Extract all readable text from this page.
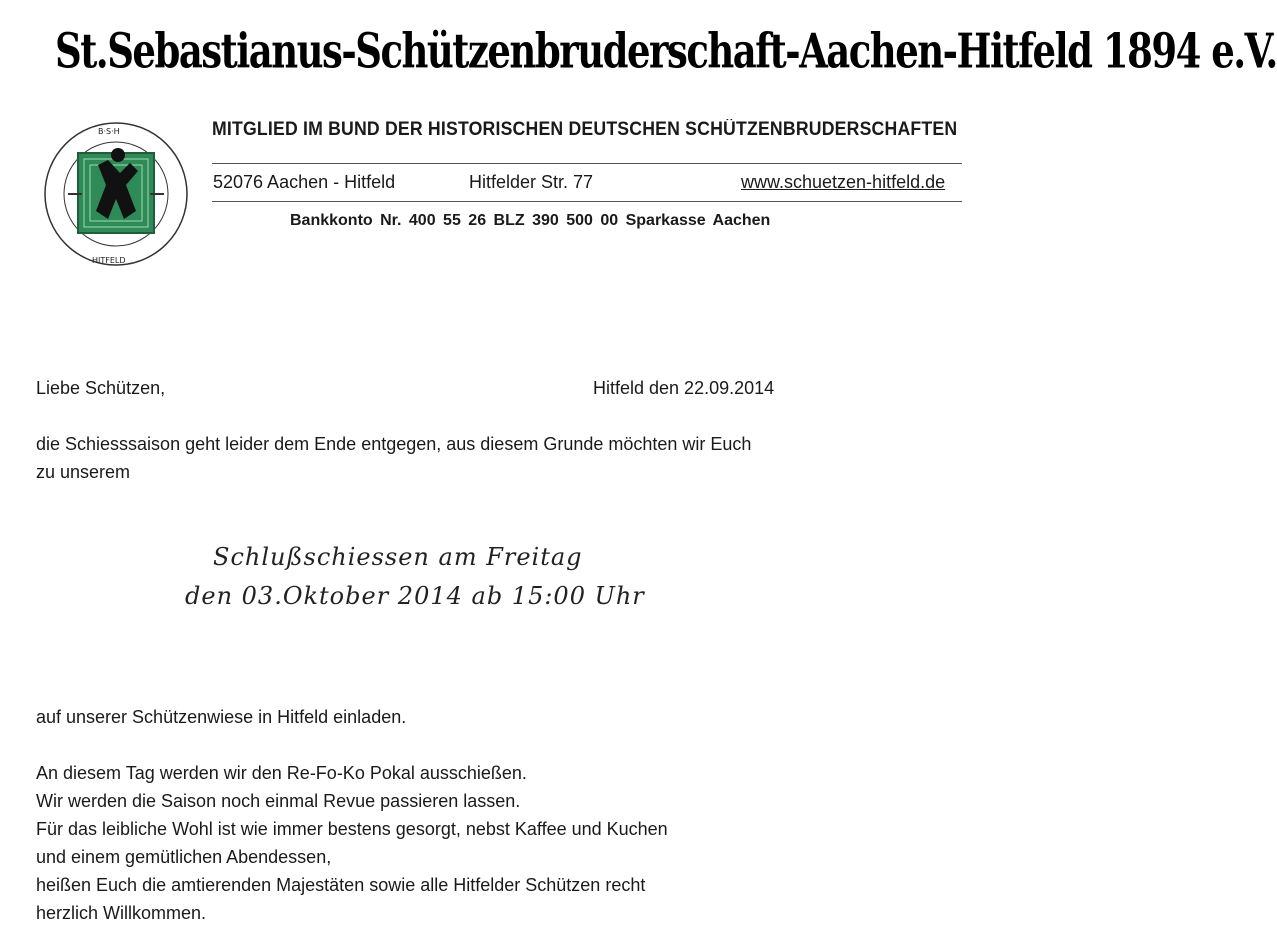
St.Sebastianus-Schützenbruderschaft-Aachen-Hitfeld 1894 e.V.
B·S·H
HITFELD
MITGLIED IM BUND DER HISTORISCHEN DEUTSCHEN SCHÜTZENBRUDERSCHAFTEN
52076 Aachen - Hitfeld	Hitfelder Str. 77	www.schuetzen-hitfeld.de
Bankkonto Nr. 400 55 26 BLZ 390 500 00 Sparkasse Aachen
Liebe Schützen,	Hitfeld den 22.09.2014
die Schiesssaison geht leider dem Ende entgegen, aus diesem Grunde möchten wir Euch
zu unserem
Schlußschiessen am Freitag
den 03.Oktober 2014 ab 15:00 Uhr
auf unserer Schützenwiese in Hitfeld einladen.
An diesem Tag werden wir den Re-Fo-Ko Pokal ausschießen.
Wir werden die Saison noch einmal Revue passieren lassen.
Für das leibliche Wohl ist wie immer bestens gesorgt, nebst Kaffee und Kuchen
und einem gemütlichen Abendessen,
heißen Euch die amtierenden Majestäten sowie alle Hitfelder Schützen recht
herzlich Willkommen.
